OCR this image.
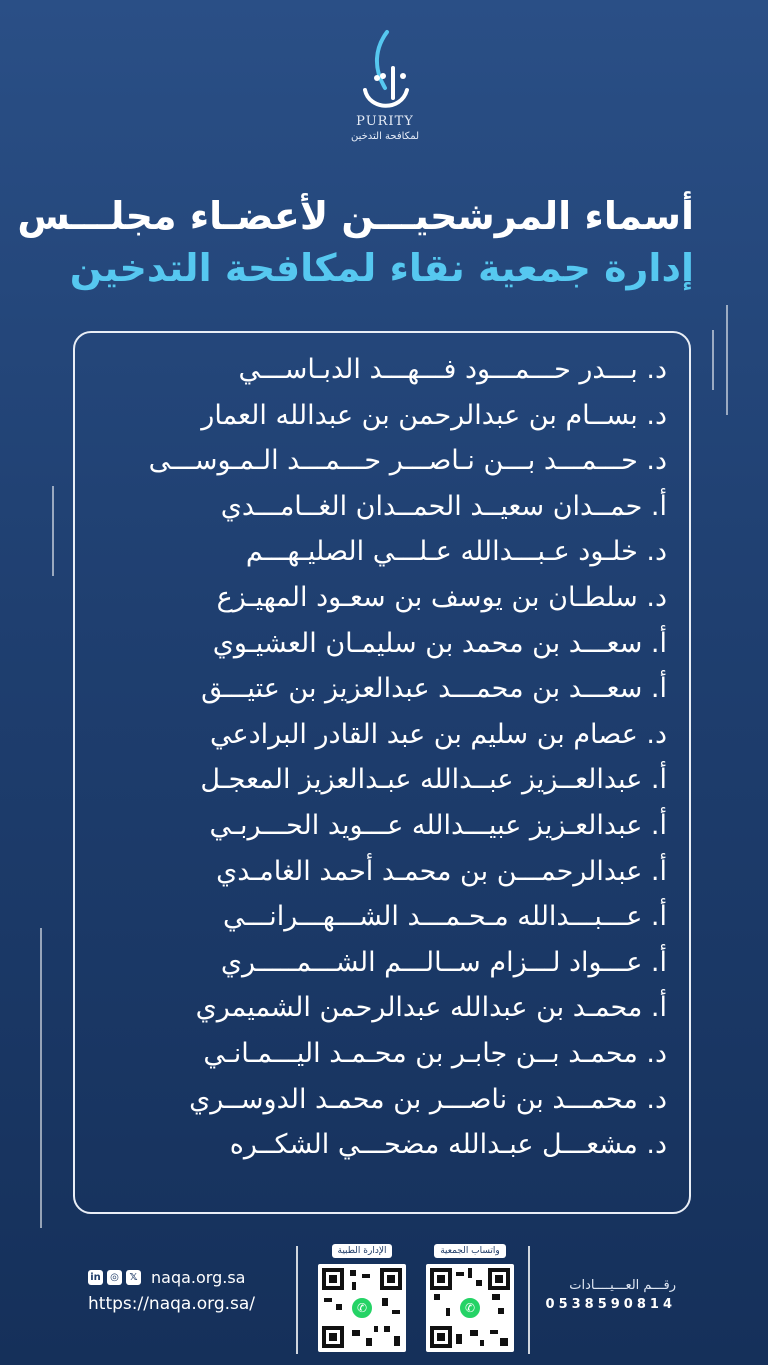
PURITY
لمكافحة التدخين
أسماء المرشحيـــن لأعضـاء مجلـــس
إدارة جمعية نقاء لمكافحة التدخين
د. بـــدر حـــمـــود فـــهـــد الدبـاســـي
د. بســام بن عبدالرحمن بن عبدالله العمار
د. حـــمـــد بـــن نـاصـــر حـــمـــد الـمـوســـى
أ. حمــدان سعيــد الحمــدان الغــامـــدي
د. خلـود عـبـــدالله عـلـــي الصليـهـــم
د. سلطـان بن يوسف بن سعـود المهيـزع
أ. سعـــد بن محمد بن سليمـان العشيـوي
أ. سعـــد بن محمـــد عبدالعزيز بن عتيـــق
د. عصام بن سليم بن عبد القادر البرادعي
أ. عبدالعــزيز عبــدالله عبـدالعزيز المعجـل
أ. عبدالعـزيز عبيـــدالله عـــويد الحـــربـي
أ. عبدالرحمـــن بن محمـد أحمد الغامـدي
أ. عـــبـــدالله مـحـمـــد الشـــهـــرانـــي
أ. عـــواد لـــزام ســالـــم الشـــمـــــري
أ. محمـد بن عبدالله عبدالرحمن الشميمري
د. محمـد بــن جابـر بن محـمـد اليـــمـانـي
د. محمـــد بن ناصـــر بن محمـد الدوســري
د. مشعـــل عبـدالله مضحـــي الشكــره
in ◎	𝕏 naqa.org.sa
https://naqa.org.sa/
الإدارة الطبية
✆
واتساب الجمعية
✆
رقـــم العـــيــــادات
0538590814
